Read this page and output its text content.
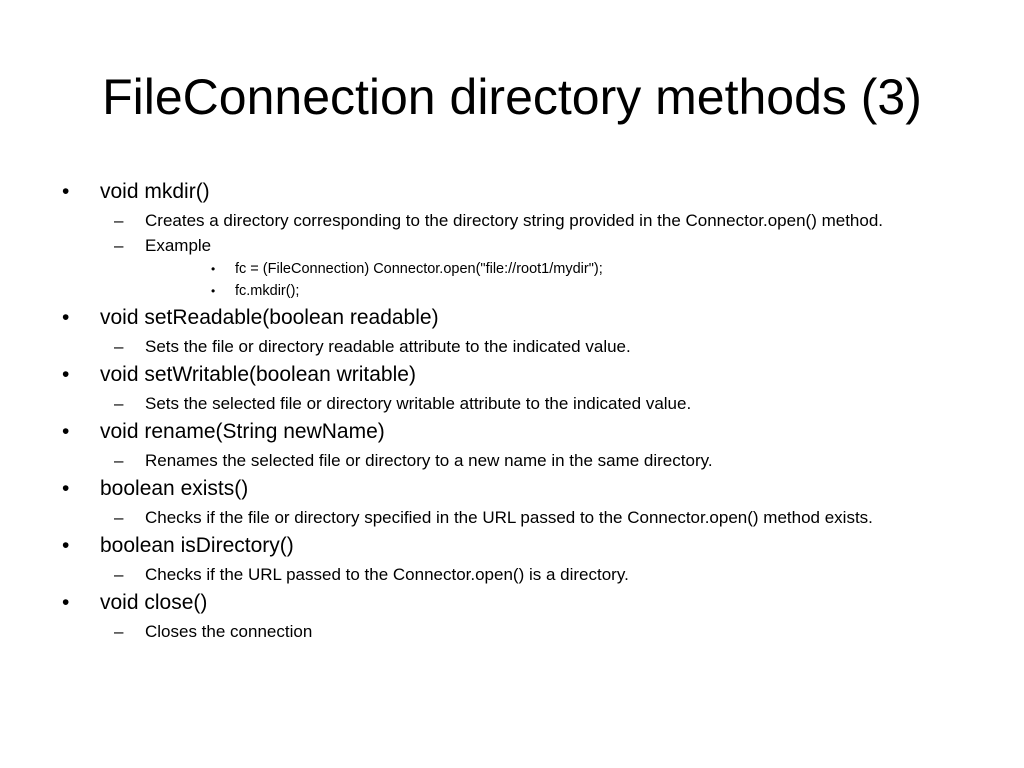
FileConnection directory methods (3)
• void mkdir()
– Creates a directory corresponding to the directory string provided in the Connector.open() method.
– Example
• fc = (FileConnection) Connector.open("file://root1/mydir");
• fc.mkdir();
• void setReadable(boolean readable)
– Sets the file or directory readable attribute to the indicated value.
• void setWritable(boolean writable)
– Sets the selected file or directory writable attribute to the indicated value.
• void rename(String newName)
– Renames the selected file or directory to a new name in the same directory.
• boolean exists()
– Checks if the file or directory specified in the URL passed to the Connector.open() method exists.
• boolean isDirectory()
– Checks if the URL passed to the Connector.open() is a directory.
• void close()
– Closes the connection
